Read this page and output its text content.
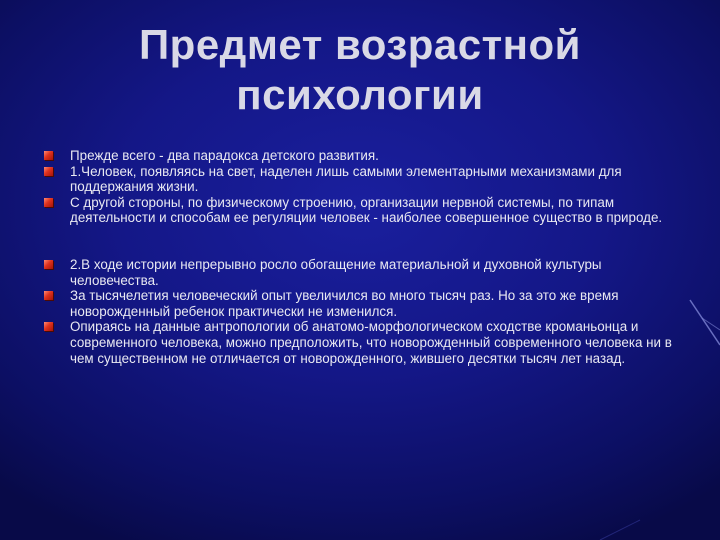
Предмет возрастной
психологии
Прежде всего - два парадокса детского развития.
1.Человек, появляясь на свет, наделен лишь самыми элементарными механизмами для поддержания жизни.
С другой стороны, по физическому строению, организации нервной системы, по типам деятельности и способам ее регуляции человек - наиболее совершенное существо в природе.
2.В ходе истории непрерывно росло обогащение материальной и духовной культуры человечества.
За тысячелетия человеческий опыт увеличился во много тысяч раз. Но за это же время новорожденный ребенок практически не изменился.
Опираясь на данные антропологии об анатомо-морфологическом сходстве кроманьонца и современного человека, можно предположить, что новорожденный современного человека ни в чем существенном не отличается от новорожденного, жившего десятки тысяч лет назад.
